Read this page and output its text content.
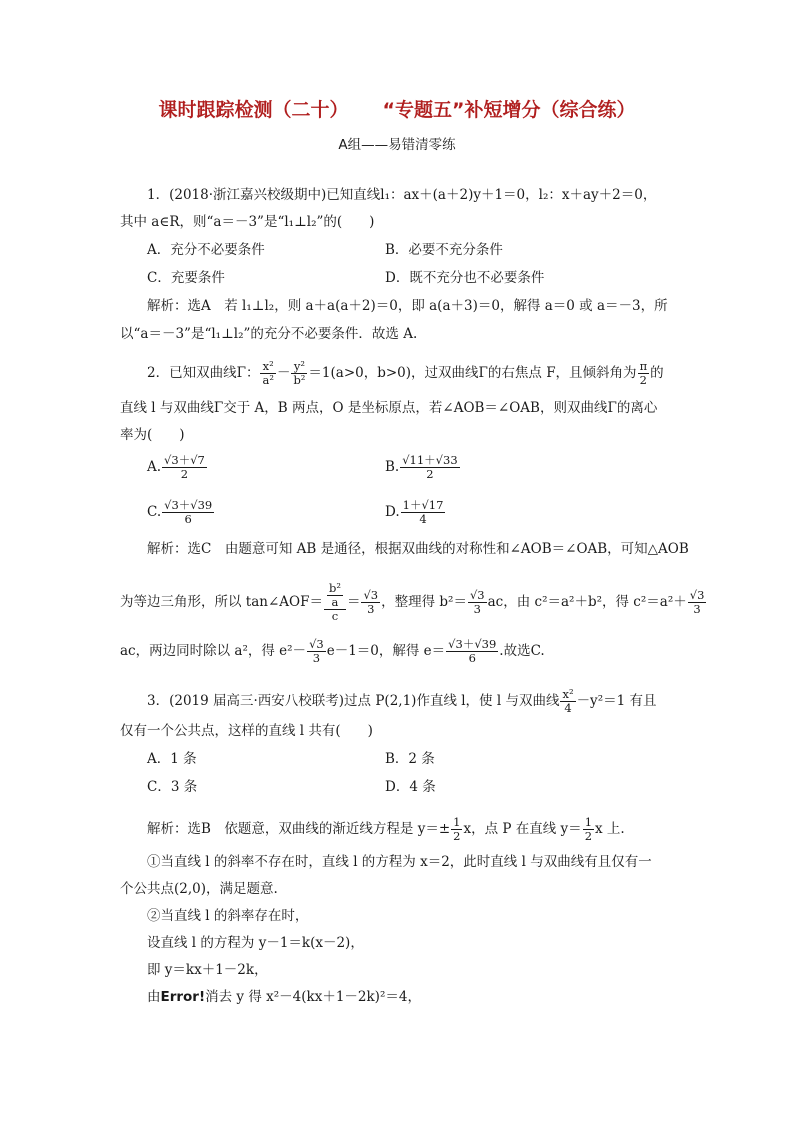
课时跟踪检测（二十） “专题五”补短增分（综合练）
A组——易错清零练
1．(2018·浙江嘉兴校级期中)已知直线l₁：ax＋(a＋2)y＋1＝0，l₂：x＋ay＋2＝0，
其中 a∈R，则“a＝－3”是“l₁⊥l₂”的(　　)
A．充分不必要条件	B．必要不充分条件
C．充要条件	D．既不充分也不必要条件
解析：选A　若 l₁⊥l₂，则 a＋a(a＋2)＝0，即 a(a＋3)＝0，解得 a＝0 或 a＝－3，所
以“a＝－3”是“l₁⊥l₂”的充分不必要条件．故选 A.
2．已知双曲线Γ： $\frac{\text{x²}}{\text{a²}} - \frac{\text{y²}}{\text{b²}} =1(a>0$，b>0)，过双曲线Γ的右焦点 F，且倾斜角为 $\frac{\pi}{2}$ 的
直线 l 与双曲线Γ交于 A，B 两点，O 是坐标原点，若∠AOB＝∠OAB，则双曲线Γ的离心
率为(　　)
A. $\frac{√3+√7}{2}$	B. $\frac{√11+√33}{2}$
C. $\frac{√3+√39}{6}$	D. $\frac{1+√17}{4}$
解析：选C　由题意可知 AB 是通径，根据双曲线的对称性和∠AOB＝∠OAB，可知△AOB
为等边三角形，所以 tan∠AOF＝ $\frac{\frac{\text{b²}}{a}}{c} = \frac{√3}{3}$ ，整理得 $b^2= \frac{√3}{3}$ ac，由 c²＝a²＋b²，得 $c^2=a^2+ \frac{√3}{3}$
ac，两边同时除以 a²，得 $e^2- \frac{√3}{3} e-1=0$，解得 $e= \frac{√3+√39}{6}$ .故选C.
3．(2019 届高三·西安八校联考)过点 P(2,1)作直线 l，使 l 与双曲线 $\frac{\text{x²}}{4} -y^2=1$ 有且
仅有一个公共点，这样的直线 l 共有(　　)
A．1 条	B．2 条
C．3 条	D．4 条
解析：选B　依题意，双曲线的渐近线方程是 $y=\pm \frac{1}{2}$ x，点 P 在直线 $y= \frac{1}{2}$ x 上.
①当直线 l 的斜率不存在时，直线 l 的方程为 x＝2，此时直线 l 与双曲线有且仅有一
个公共点(2,0)，满足题意.
②当直线 l 的斜率存在时，
设直线 l 的方程为 y－1＝k(x－2)，
即 y＝kx＋1－2k，
由Error!消去 y 得 x²－4(kx＋1－2k)²＝4，
